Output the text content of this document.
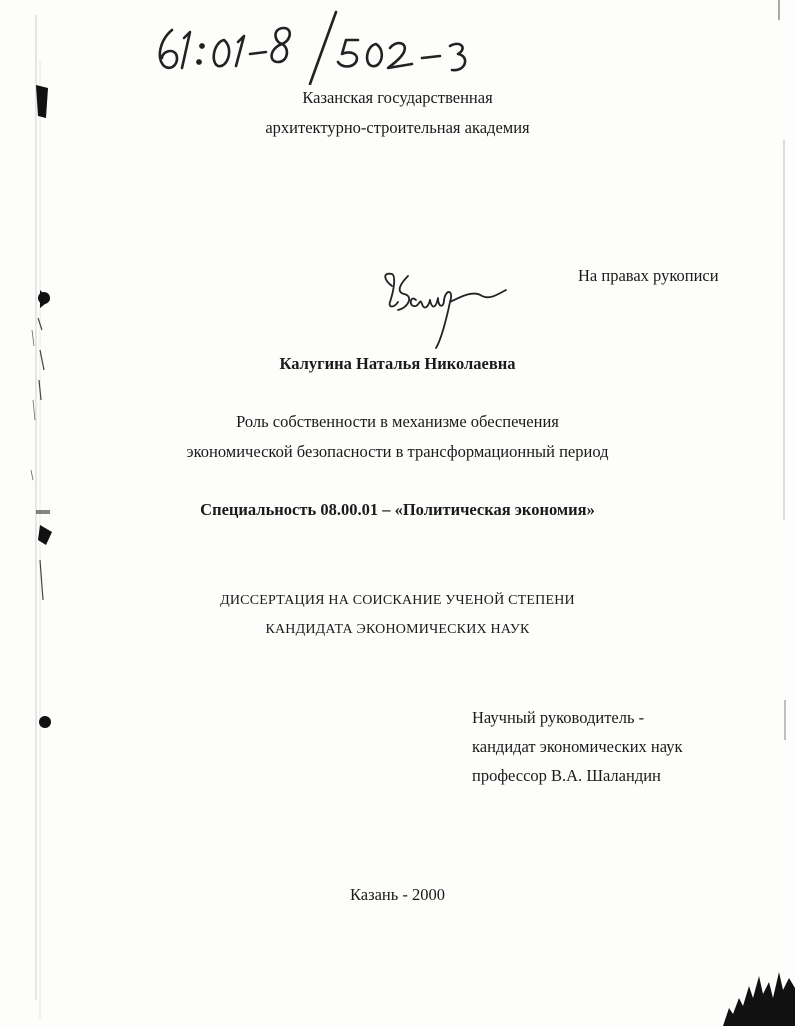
Казанская государственная
архитектурно-строительная академия
На правах рукописи
Калугина Наталья Николаевна
Роль собственности в механизме обеспечения
экономической безопасности в трансформационный период
Специальность 08.00.01 – «Политическая экономия»
ДИССЕРТАЦИЯ НА СОИСКАНИЕ УЧЕНОЙ СТЕПЕНИ
КАНДИДАТА ЭКОНОМИЧЕСКИХ НАУК
Научный руководитель -
кандидат экономических наук
профессор В.А. Шаландин
Казань - 2000
